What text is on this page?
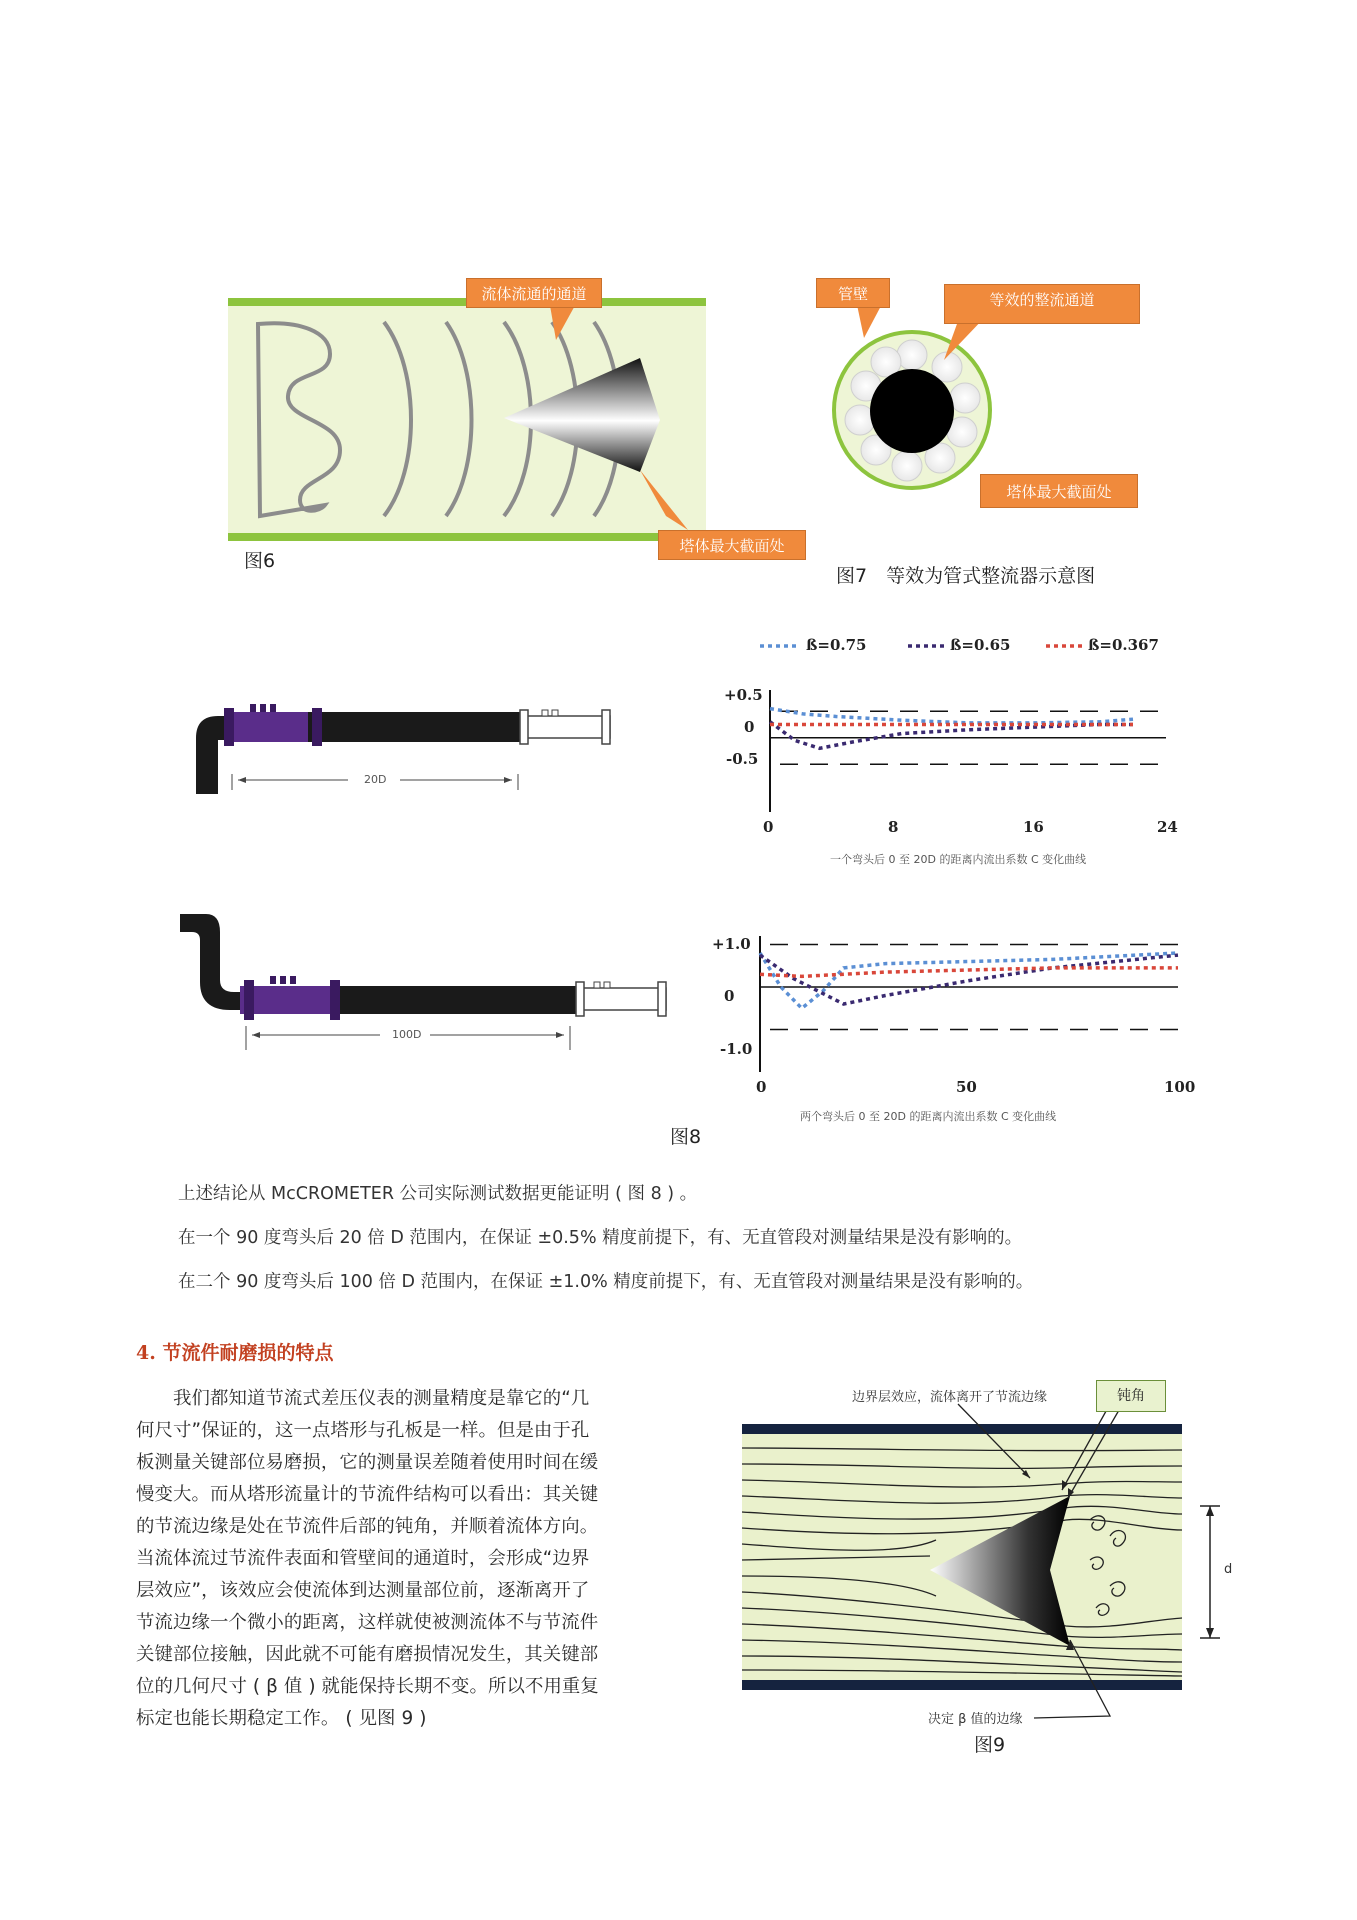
流体流通的通道
塔体最大截面处
图6
管壁	等效的整流通道
塔体最大截面处
图7　等效为管式整流器示意图
20D
100D
ß=0.75	ß=0.65	ß=0.367
+0.5
0
-0.5
0	8	16	24
一个弯头后 0 至 20D 的距离内流出系数 C 变化曲线
+1.0
0
-1.0
0	50	100
两个弯头后 0 至 20D 的距离内流出系数 C 变化曲线
图8
上述结论从 McCROMETER 公司实际测试数据更能证明 ( 图 8 ) 。
在一个 90 度弯头后 20 倍 D 范围内，在保证 ±0.5% 精度前提下，有、无直管段对测量结果是没有影响的。
在二个 90 度弯头后 100 倍 D 范围内，在保证 ±1.0% 精度前提下，有、无直管段对测量结果是没有影响的。
4. 节流件耐磨损的特点
　　我们都知道节流式差压仪表的测量精度是靠它的“几
何尺寸”保证的，这一点塔形与孔板是一样。但是由于孔
板测量关键部位易磨损，它的测量误差随着使用时间在缓
慢变大。而从塔形流量计的节流件结构可以看出：其关键
的节流边缘是处在节流件后部的钝角，并顺着流体方向。
当流体流过节流件表面和管壁间的通道时，会形成“边界
层效应”，该效应会使流体到达测量部位前，逐渐离开了
节流边缘一个微小的距离，这样就使被测流体不与节流件
关键部位接触，因此就不可能有磨损情况发生，其关键部
位的几何尺寸 ( β 值 ) 就能保持长期不变。所以不用重复
标定也能长期稳定工作。 ( 见图 9 )
边界层效应，流体离开了节流边缘	钝角
决定 β 值的边缘
d
图9
